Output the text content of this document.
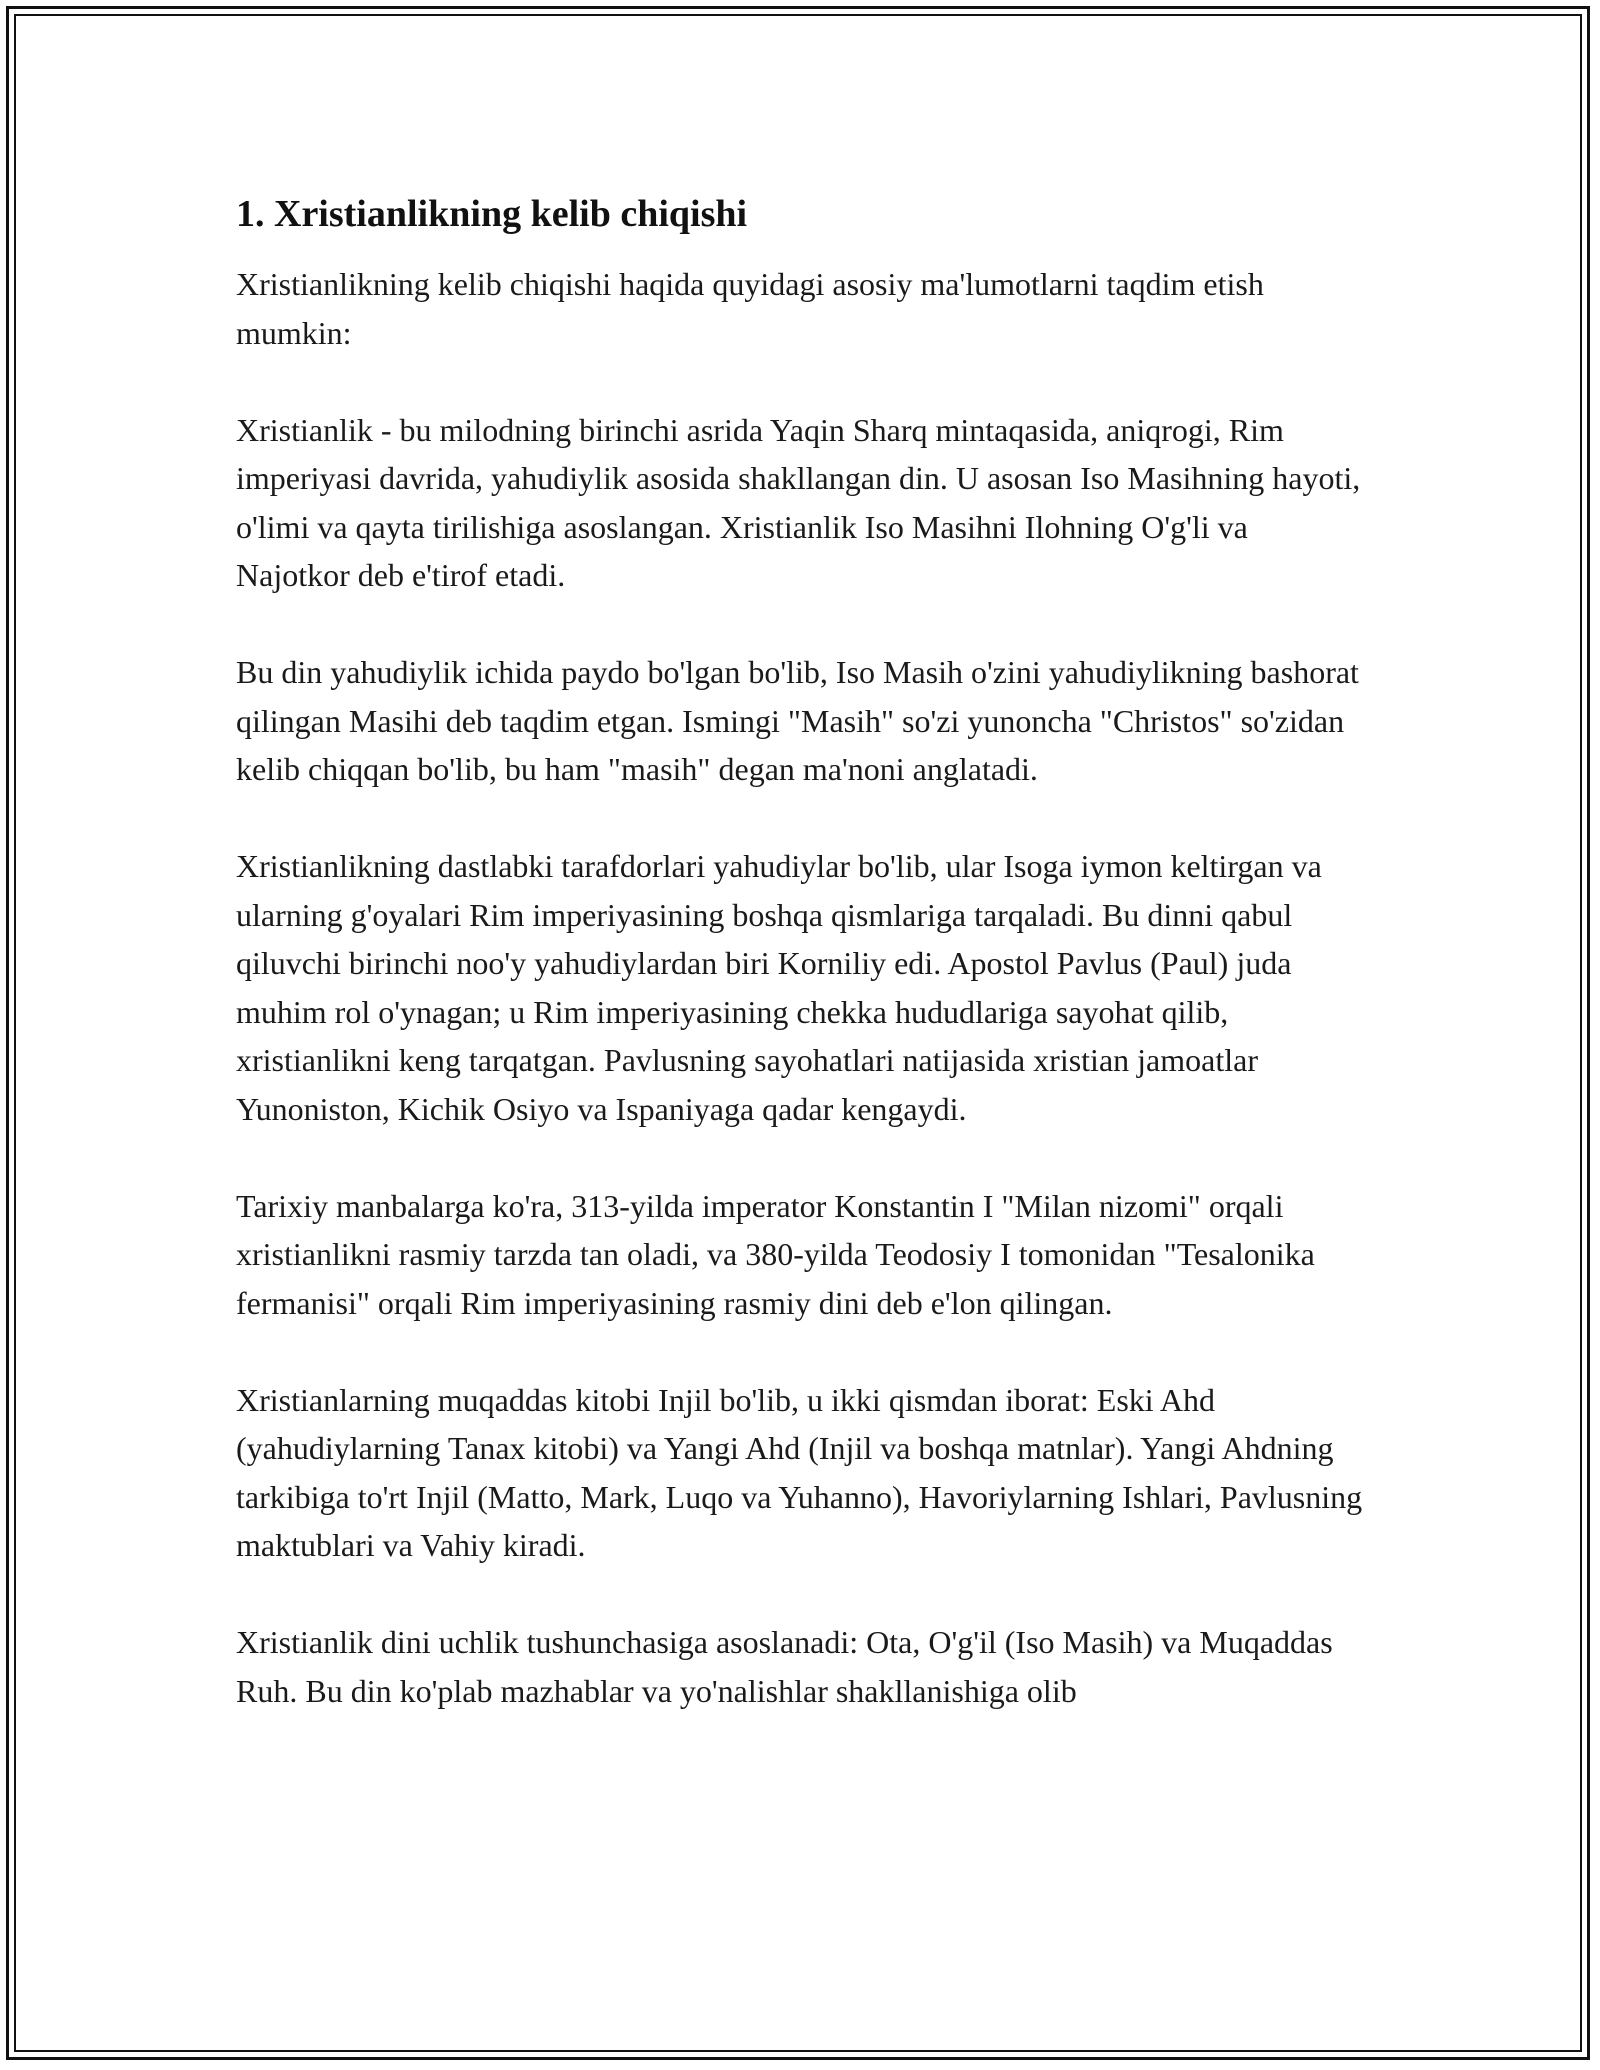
1. Xristianlikning kelib chiqishi

Xristianlikning kelib chiqishi haqida quyidagi asosiy ma'lumotlarni taqdim etish mumkin:

Xristianlik - bu milodning birinchi asrida Yaqin Sharq mintaqasida, aniqrogi, Rim imperiyasi davrida, yahudiylik asosida shakllangan din. U asosan Iso Masihning hayoti, o'limi va qayta tirilishiga asoslangan. Xristianlik Iso Masihni Ilohning O'g'li va Najotkor deb e'tirof etadi.

Bu din yahudiylik ichida paydo bo'lgan bo'lib, Iso Masih o'zini yahudiylikning bashorat qilingan Masihi deb taqdim etgan. Ismingi "Masih" so'zi yunoncha "Christos" so'zidan kelib chiqqan bo'lib, bu ham "masih" degan ma'noni anglatadi.

Xristianlikning dastlabki tarafdorlari yahudiylar bo'lib, ular Isoga iymon keltirgan va ularning g'oyalari Rim imperiyasining boshqa qismlariga tarqaladi. Bu dinni qabul qiluvchi birinchi noo'y yahudiylardan biri Korniliy edi. Apostol Pavlus (Paul) juda muhim rol o'ynagan; u Rim imperiyasining chekka hududlariga sayohat qilib, xristianlikni keng tarqatgan. Pavlusning sayohatlari natijasida xristian jamoatlar Yunoniston, Kichik Osiyo va Ispaniyaga qadar kengaydi.

Tarixiy manbalarga ko'ra, 313-yilda imperator Konstantin I "Milan nizomi" orqali xristianlikni rasmiy tarzda tan oladi, va 380-yilda Teodosiy I tomonidan "Tesalonika fermanisi" orqali Rim imperiyasining rasmiy dini deb e'lon qilingan.

Xristianlarning muqaddas kitobi Injil bo'lib, u ikki qismdan iborat: Eski Ahd (yahudiylarning Tanax kitobi) va Yangi Ahd (Injil va boshqa matnlar). Yangi Ahdning tarkibiga to'rt Injil (Matto, Mark, Luqo va Yuhanno), Havoriylarning Ishlari, Pavlusning maktublari va Vahiy kiradi.

Xristianlik dini uchlik tushunchasiga asoslanadi: Ota, O'g'il (Iso Masih) va Muqaddas Ruh. Bu din ko'plab mazhablar va yo'nalishlar shakllanishiga olib
